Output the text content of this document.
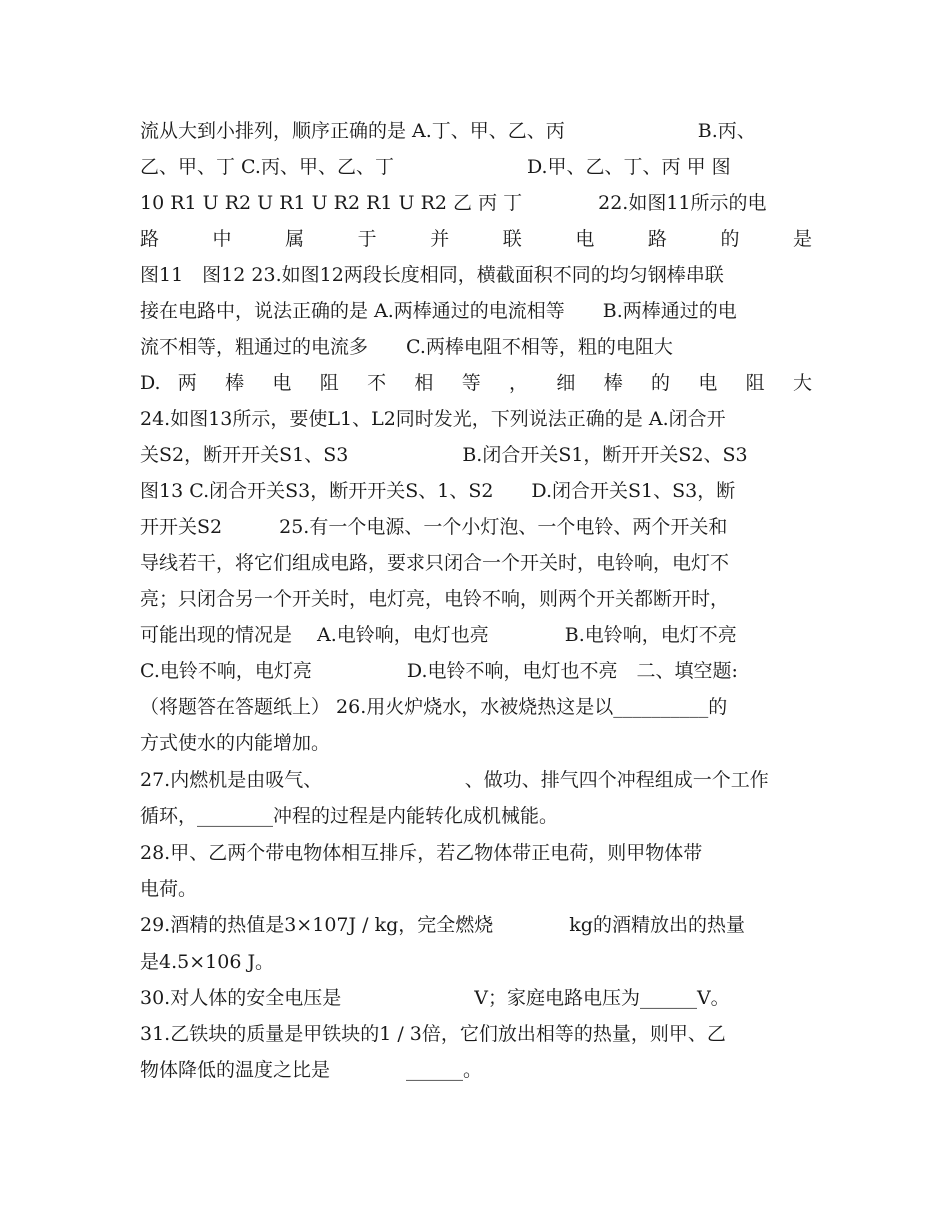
流从大到小排列，顺序正确的是 A.丁、甲、乙、丙　　　　　　　B.丙、
乙、甲、丁 C.丙、甲、乙、丁　　　　　　　D.甲、乙、丁、丙 甲 图
10 R1 U R2 U R1 U R2 R1 U R2 乙 丙 丁　　　　22.如图11所示的电
路 中 属 于 并 联 电 路 的 是
图11　图12 23.如图12两段长度相同，横截面积不同的均匀钢棒串联
接在电路中，说法正确的是 A.两棒通过的电流相等　　B.两棒通过的电
流不相等，粗通过的电流多　　C.两棒电阻不相等，粗的电阻大
D. 两 棒 电 阻 不 相 等 ， 细 棒 的 电 阻 大
24.如图13所示，要使L1、L2同时发光，下列说法正确的是 A.闭合开
关S2，断开开关S1、S3　　　　　　B.闭合开关S1，断开开关S2、S3
图13 C.闭合开关S3，断开开关S、1、S2　　D.闭合开关S1、S3，断
开开关S2　　　25.有一个电源、一个小灯泡、一个电铃、两个开关和
导线若干，将它们组成电路，要求只闭合一个开关时，电铃响，电灯不
亮；只闭合另一个开关时，电灯亮，电铃不响，则两个开关都断开时，
可能出现的情况是　 A.电铃响，电灯也亮　　　　B.电铃响，电灯不亮
C.电铃不响，电灯亮　　　　　D.电铃不响，电灯也不亮　二、填空题:
（将题答在答题纸上） 26.用火炉烧水，水被烧热这是以__________的
方式使水的内能增加。
27.内燃机是由吸气、　　　　　　　　、做功、排气四个冲程组成一个工作
循环，________冲程的过程是内能转化成机械能。
28.甲、乙两个带电物体相互排斥，若乙物体带正电荷，则甲物体带
电荷。
29.酒精的热值是3×107J / kg，完全燃烧　　　　kg的酒精放出的热量
是4.5×106 J。
30.对人体的安全电压是　　　　　　　V；家庭电路电压为______V。
31.乙铁块的质量是甲铁块的1 / 3倍，它们放出相等的热量，则甲、乙
物体降低的温度之比是　　　　______。
